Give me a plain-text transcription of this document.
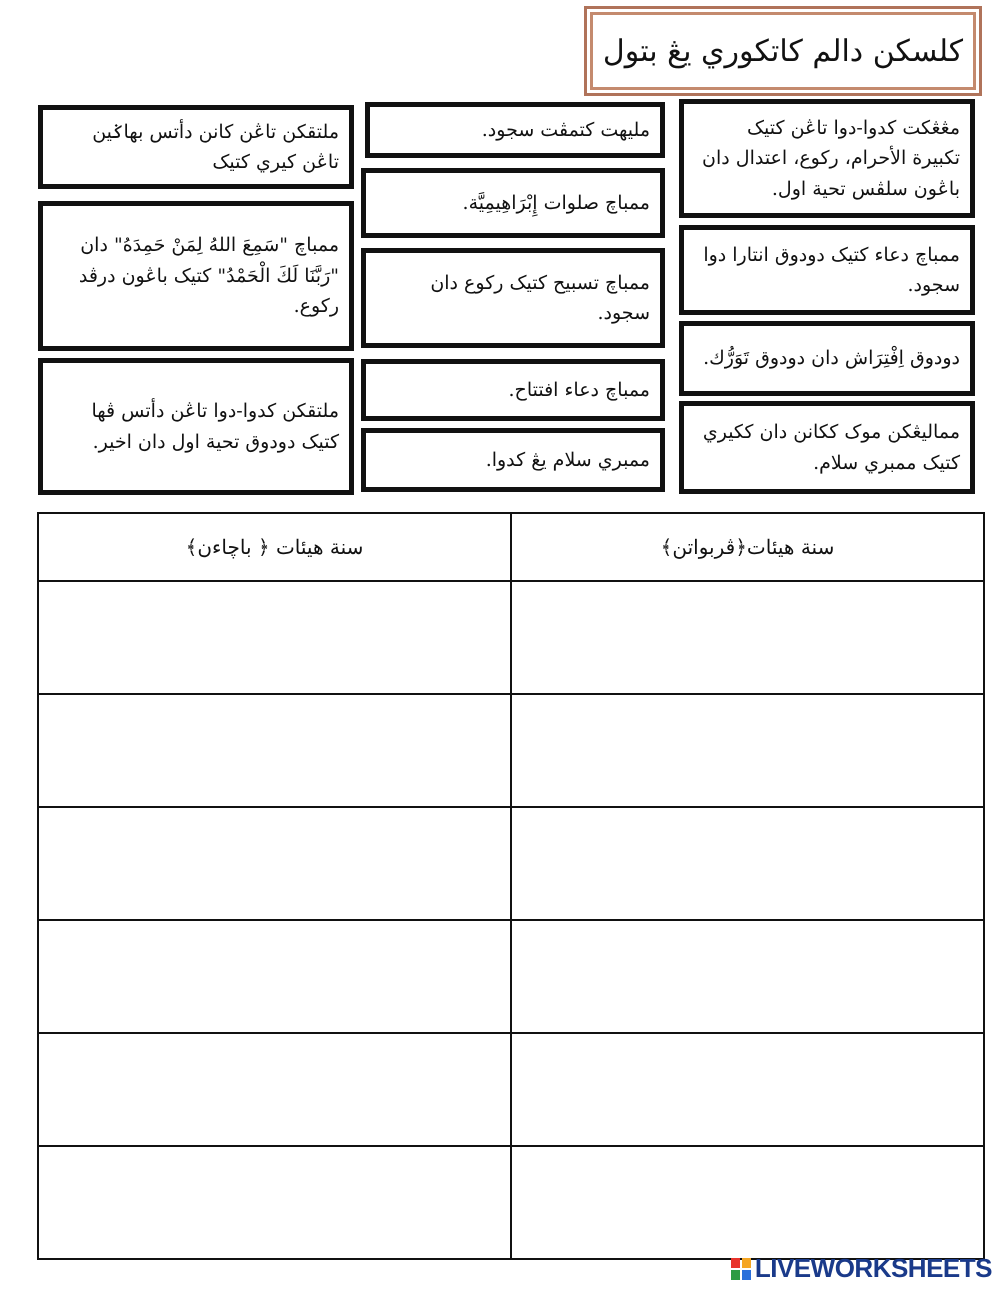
كلسكن دالم كاتكوري يڠ بتول
ملتقكن تاڠن كانن دأتس بهاݢين تاڠن كيري كتيک
ممباچ "سَمِعَ اللهُ لِمَنْ حَمِدَهُ" دان "رَبَّنَا لَكَ الْحَمْدُ" كتيک باڠون درڤد ركوع.
ملتقكن كدوا-دوا تاڠن دأتس ڤها كتيک دودوق تحية اول دان اخير.
مليهت كتمڤت سجود.
ممباچ صلوات إِبْرَاهِيمِيَّة.
ممباچ تسبيح كتيک ركوع دان سجود.
ممباچ دعاء افتتاح.
ممبري سلام يڠ كدوا.
مڠڠكت كدوا-دوا تاڠن كتيک تكبيرة الأحرام، ركوع، اعتدال دان باڠون سلڤس تحية اول.
ممباچ دعاء كتيک دودوق انتارا دوا سجود.
دودوق اِفْتِرَاش دان دودوق تَوَرُّك.
ممالیڠكن موک ككانن دان ككيري كتيک ممبري سلام.
سنة هيئات ﴿ باچاءن﴾	سنة هيئات﴿ڤربواتن﴾

LIVEWORKSHEETS
